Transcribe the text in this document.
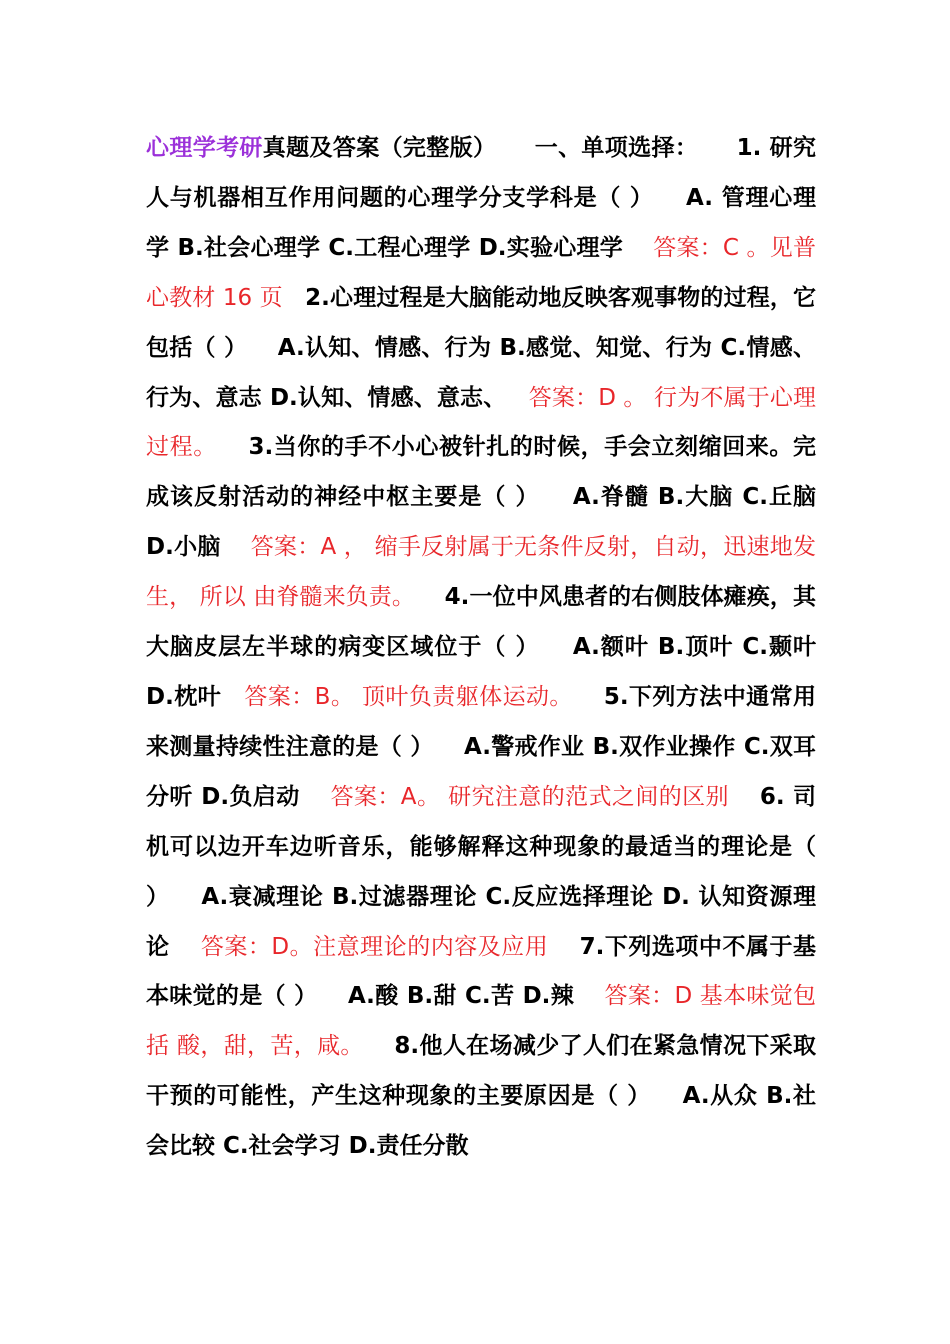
心理学考研真题及答案（完整版） 一、单项选择： 1. 研究人与机器相互作用问题的心理学分支学科是（ ） A. 管理心理学 B.社会心理学 C.工程心理学 D.实验心理学 答案：C 。见普心教材 16 页 2.心理过程是大脑能动地反映客观事物的过程，它包括（ ） A.认知、情感、行为 B.感觉、知觉、行为 C.情感、行为、意志 D.认知、情感、意志、 答案：D 。 行为不属于心理过程。 3.当你的手不小心被针扎的时候，手会立刻缩回来。完成该反射活动的神经中枢主要是（ ） A.脊髓 B.大脑 C.丘脑 D.小脑 答案：A ， 缩手反射属于无条件反射，自动，迅速地发生， 所以 由脊髓来负责。 4.一位中风患者的右侧肢体瘫痪，其大脑皮层左半球的病变区域位于（ ） A.额叶 B.顶叶 C.颞叶 D.枕叶 答案：B。 顶叶负责躯体运动。 5.下列方法中通常用来测量持续性注意的是（ ） A.警戒作业 B.双作业操作 C.双耳分听 D.负启动 答案：A。 研究注意的范式之间的区别 6. 司机可以边开车边听音乐，能够解释这种现象的最适当的理论是（ ） A.衰减理论 B.过滤器理论 C.反应选择理论 D. 认知资源理论 答案：D。注意理论的内容及应用 7.下列选项中不属于基本味觉的是（ ） A.酸 B.甜 C.苦 D.辣 答案：D 基本味觉包括 酸，甜，苦，咸。 8.他人在场减少了人们在紧急情况下采取干预的可能性，产生这种现象的主要原因是（ ） A.从众 B.社会比较 C.社会学习 D.责任分散
